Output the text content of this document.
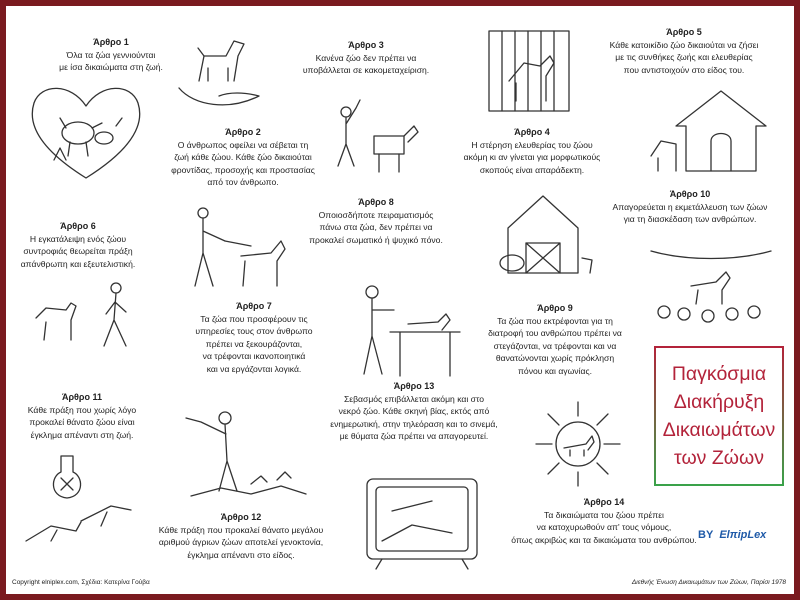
Άρθρο 1
Όλα τα ζώα γεννιούνται
με ίσα δικαιώματα στη ζωή.
Άρθρο 2
Ο άνθρωπος οφείλει να σέβεται τη
ζωή κάθε ζώου. Κάθε ζώο δικαιούται
φροντίδας, προσοχής και προστασίας
από τον άνθρωπο.
Άρθρο 3
Κανένα ζώο δεν πρέπει να
υποβάλλεται σε κακομεταχείριση.
Άρθρο 4
Η στέρηση ελευθερίας του ζώου
ακόμη κι αν γίνεται για μορφωτικούς
σκοπούς είναι απαράδεκτη.
Άρθρο 5
Κάθε κατοικίδιο ζώο δικαιούται να ζήσει
με τις συνθήκες ζωής και ελευθερίας
που αντιστοιχούν στο είδος του.
Άρθρο 6
Η εγκατάλειψη ενός ζώου
συντροφιάς θεωρείται πράξη
απάνθρωπη και εξευτελιστική.
Άρθρο 7
Τα ζώα που προσφέρουν τις
υπηρεσίες τους στον άνθρωπο
πρέπει να ξεκουράζονται,
να τρέφονται ικανοποιητικά
και να εργάζονται λογικά.
Άρθρο 8
Οποιοσδήποτε πειραματισμός
πάνω στα ζώα, δεν πρέπει να
προκαλεί σωματικό ή ψυχικό πόνο.
Άρθρο 9
Τα ζώα που εκτρέφονται για τη
διατροφή του ανθρώπου πρέπει να
στεγάζονται, να τρέφονται και να
θανατώνονται χωρίς πρόκληση
πόνου και αγωνίας.
Άρθρο 10
Απαγορεύεται η εκμετάλλευση των ζώων
για τη διασκέδαση των ανθρώπων.
Άρθρο 11
Κάθε πράξη που χωρίς λόγο
προκαλεί θάνατο ζώου είναι
έγκλημα απέναντι στη ζωή.
Άρθρο 12
Κάθε πράξη που προκαλεί θάνατο μεγάλου
αριθμού άγριων ζώων αποτελεί γενοκτονία,
έγκλημα απέναντι στο είδος.
Άρθρο 13
Σεβασμός επιβάλλεται ακόμη και στο
νεκρό ζώο. Κάθε σκηνή βίας, εκτός από
ενημερωτική, στην τηλεόραση και το σινεμά,
με θύματα ζώα πρέπει να απαγορευτεί.
Άρθρο 14
Τα δικαιώματα του ζώου πρέπει
να κατοχυρωθούν απ' τους νόμους,
όπως ακριβώς και τα δικαιώματα του ανθρώπου.
Παγκόσμια
Διακήρυξη
Δικαιωμάτων
των Ζώων
BY ElπipLex
Copyright elniplex.com, Σχέδια: Κατερίνα Γούβα	Διεθνής Ένωση Δικαιωμάτων των Ζώων, Παρίσι 1978
